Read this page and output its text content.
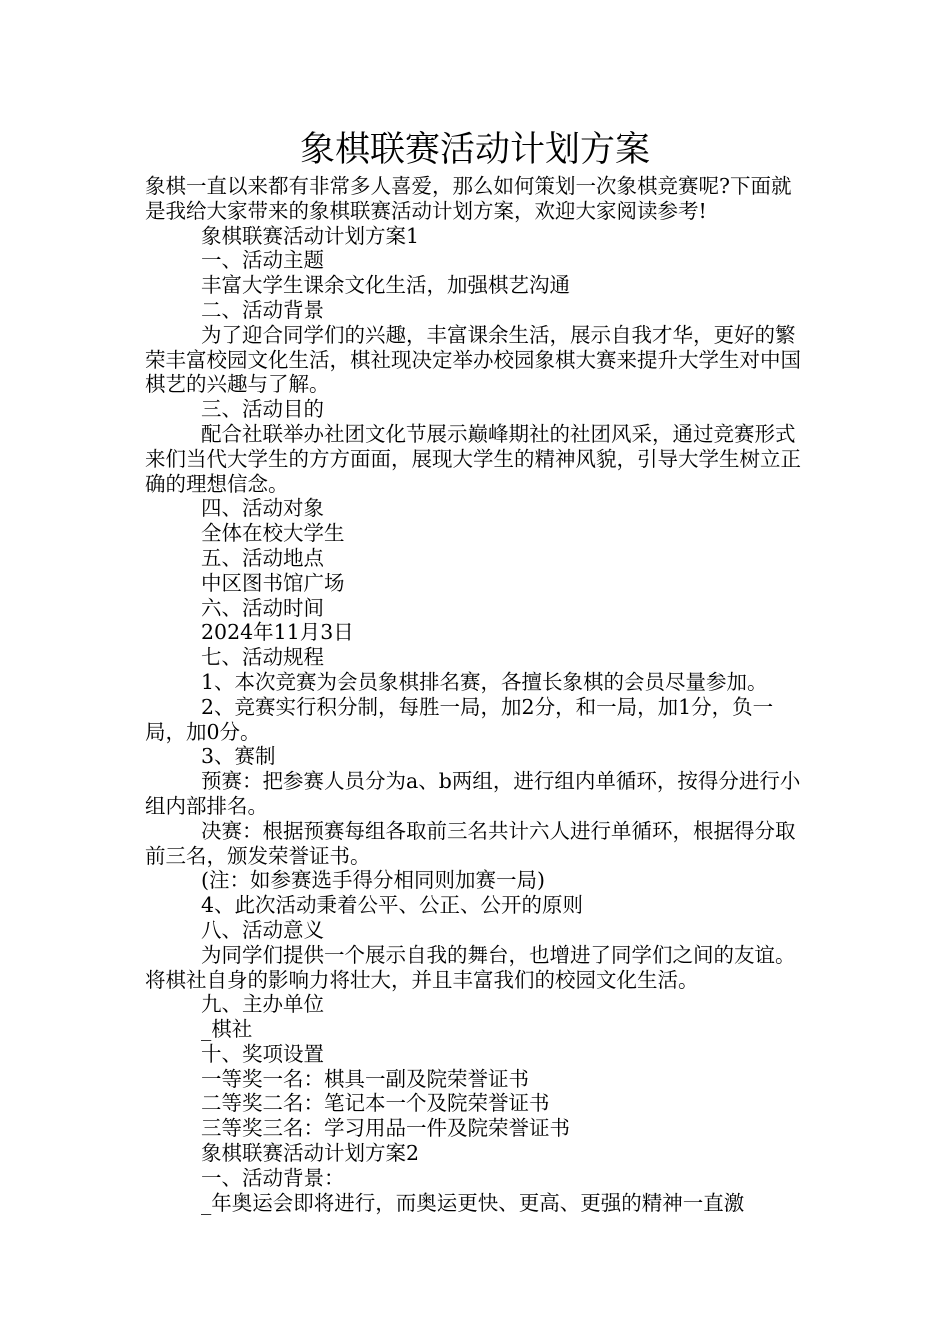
象棋联赛活动计划方案

象棋一直以来都有非常多人喜爱，那么如何策划一次象棋竞赛呢?下面就是我给大家带来的象棋联赛活动计划方案，欢迎大家阅读参考!

象棋联赛活动计划方案1

一、活动主题

丰富大学生课余文化生活，加强棋艺沟通

二、活动背景

为了迎合同学们的兴趣，丰富课余生活，展示自我才华，更好的繁荣丰富校园文化生活，棋社现决定举办校园象棋大赛来提升大学生对中国棋艺的兴趣与了解。

三、活动目的

配合社联举办社团文化节展示巅峰期社的社团风采，通过竞赛形式来们当代大学生的方方面面，展现大学生的精神风貌，引导大学生树立正确的理想信念。

四、活动对象

全体在校大学生

五、活动地点

中区图书馆广场

六、活动时间

2024年11月3日

七、活动规程

1、本次竞赛为会员象棋排名赛，各擅长象棋的会员尽量参加。

2、竞赛实行积分制，每胜一局，加2分，和一局，加1分，负一局，加0分。

3、赛制

预赛：把参赛人员分为a、b两组，进行组内单循环，按得分进行小组内部排名。

决赛：根据预赛每组各取前三名共计六人进行单循环，根据得分取前三名，颁发荣誉证书。

(注：如参赛选手得分相同则加赛一局)

4、此次活动秉着公平、公正、公开的原则

八、活动意义

为同学们提供一个展示自我的舞台，也增进了同学们之间的友谊。将棋社自身的影响力将壮大，并且丰富我们的校园文化生活。

九、主办单位

_棋社

十、奖项设置

一等奖一名：棋具一副及院荣誉证书

二等奖二名：笔记本一个及院荣誉证书

三等奖三名：学习用品一件及院荣誉证书

象棋联赛活动计划方案2

一、活动背景：

_年奥运会即将进行，而奥运更快、更高、更强的精神一直激
